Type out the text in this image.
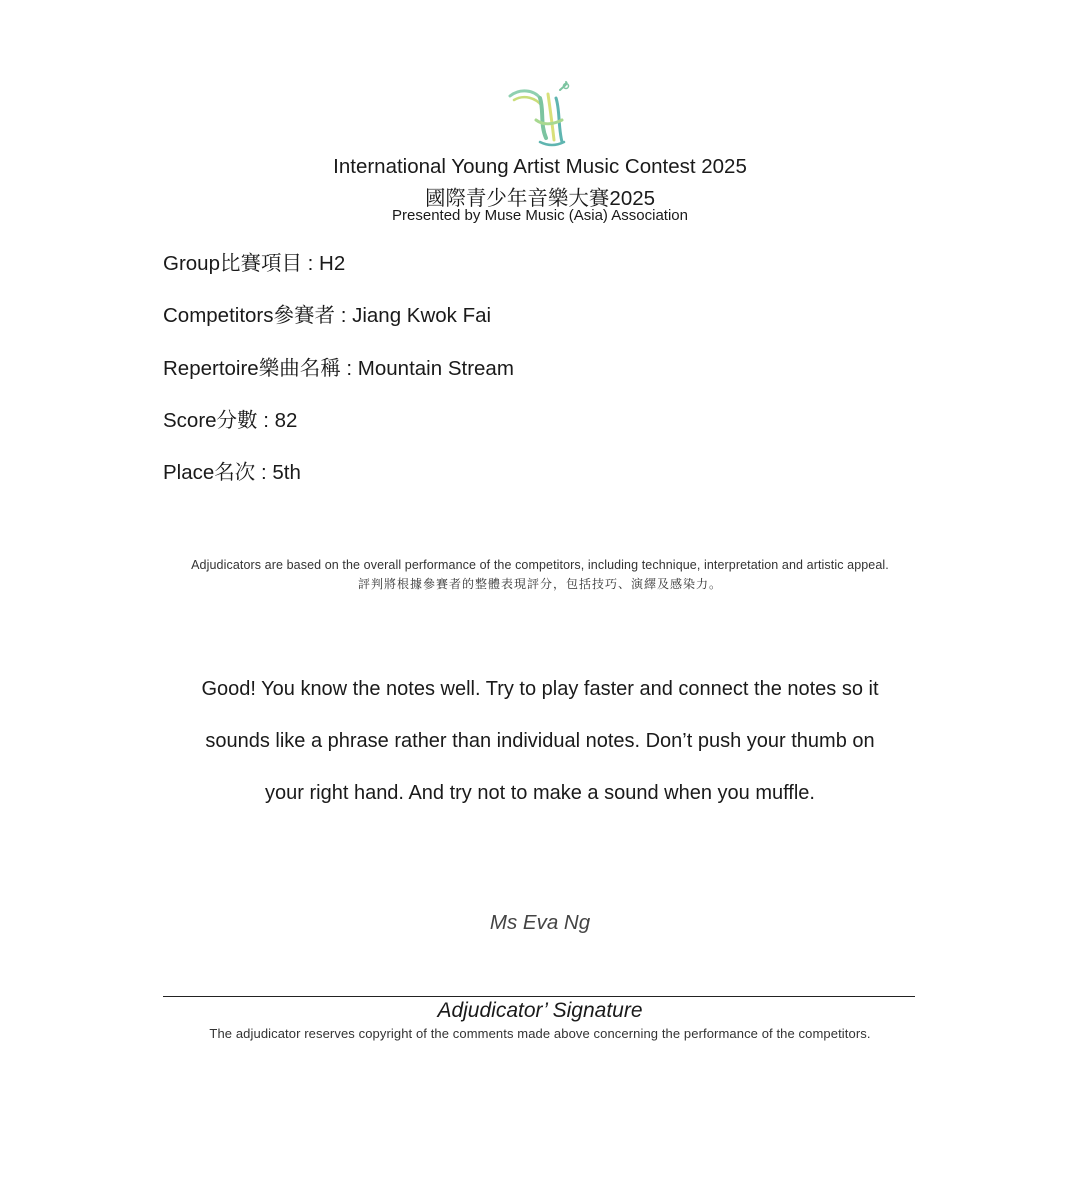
International Young Artist Music Contest 2025
國際青少年音樂大賽2025
Presented by Muse Music (Asia) Association
Group比賽項目 : H2
Competitors參賽者 : Jiang Kwok Fai
Repertoire樂曲名稱 : Mountain Stream
Score分數 : 82
Place名次 : 5th
Adjudicators are based on the overall performance of the competitors, including technique, interpretation and artistic appeal.
評判將根據參賽者的整體表現評分，包括技巧、演繹及感染力。
Good! You know the notes well. Try to play faster and connect the notes so it
sounds like a phrase rather than individual notes. Don’t push your thumb on
your right hand. And try not to make a sound when you muffle.
Ms Eva Ng
Adjudicator’ Signature
The adjudicator reserves copyright of the comments made above concerning the performance of the competitors.
